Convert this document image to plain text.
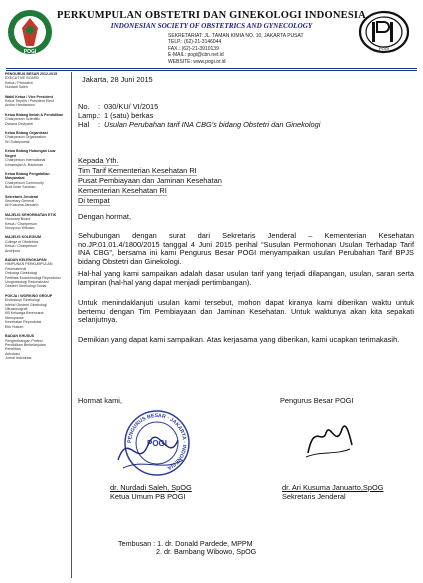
POGI
PERKUMPULAN OBSTETRI DAN GINEKOLOGI INDONESIA
INDONESIAN SOCIETY OF OBSTETRICS AND GYNECOLOGY
SEKRETARIAT: JL. TAMAN KIMIA NO. 10, JAKARTA PUSAT
TELP.: (62)-21-3146044
FAX.: (62)-21-3910139
E-MAIL: pogi@cbn.net.id
WEBSITE: www.pogi.or.id
POGI
PENGURUS BESAR 2012-2015
EXECUTIVE BOARD
Ketua / President
Nurdadi Saleh
Wakil Ketua / Vice President
Ketua Terpilih / President Elect
Andon Hestiantoro
Ketua Bidang Ilmiah & Pendidikan
Chairperson Scientific
Dwiana Ocviyanti
Ketua Bidang Organisasi
Chairperson Organization
Sri Sulistyowati
Ketua Bidang Hubungan Luar Negeri
Chairperson International
Ichramsjah A. Rachman
Ketua Bidang Pengabdian Masyarakat
Chairperson Community
Budi Iman Santoso
Sekretaris Jenderal
Secretary General
Ari Kusuma Januarto
MAJELIS KEHORMATAN ETIK
Honorary Board
Ketua / Chairperson
Noroyono Wibowo
MAJELIS KOLEGIUM
College of Obstetrics
Ketua / Chairperson
Andrijono
BADAN KELENGKAPAN
HIMPUNAN PERKUMPULAN
Fetomaternal
Onkologi Ginekologi
Fertilitas Endokrinologi Reproduksi
Uroginekologi Rekonstruksi
Obstetri Ginekologi Sosial
POKJA / WORKING GROUP
Endoskopi Ginekologi
Infeksi Obstetri Ginekologi
Ultrasonografi
KB Keluarga Berencana
Menopause
Kesehatan Reproduksi
Etik Hukum
BADAN KHUSUS
Pengembangan Profesi
Pendidikan Berkelanjutan
Penelitian
Advokasi
Jurnal Indonesia
Jakarta, 28 Juni 2015
No. : 030/KU/ VI/2015
Lamp.: 1 (satu) berkas
Hal : Usulan Perubahan tarif INA CBG's bidang Obstetri dan Ginekologi
Kepada Yth.
Tim Tarif Kementerian Kesehatan RI
Pusat Pembiayaan dan Jaminan Kesehatan
Kementerian Kesehatan RI
Di tempat
Dengan hormat,
Sehubungan dengan surat dari Sekretaris Jenderal – Kementerian Kesehatan no.JP.01.01.4/1800/2015 tanggal 4 Juni 2015 perihal “Susulan Permohonan Usulan Terhadap Tarif INA CBG”, bersama ini kami Pengurus Besar POGI menyampaikan usulan Perubahan Tarif BPJS bidang Obstetri dan Ginekologi.
Hal-hal yang kami sampaikan adalah dasar usulan tarif yang terjadi dilapangan, usulan, saran serta lampiran (hal-hal yang dapat menjadi pertimbangan).
Untuk menindaklanjuti usulan kami tersebut, mohon dapat kiranya kami diberikan waktu untuk bertemu dengan Tim Pembiayaan dan Jaminan Kesehatan. Untuk waktunya akan kita sepakati selanjutnya.
Demikian yang dapat kami sampaikan. Atas kerjasama yang diberikan, kami ucapkan terimakasih.
Hormat kami,	Pengurus Besar POGI
PENGURUS BESAR · JAKARTA · INDONESIA
POGI
dr. Nurdadi Saleh, SpOG
Ketua Umum PB POGI
dr. Ari Kusuma Januarto,SpOG
Sekretaris Jenderal
Tembusan : 1. dr. Donald Pardede, MPPM
2. dr. Bambang Wibowo, SpOG
